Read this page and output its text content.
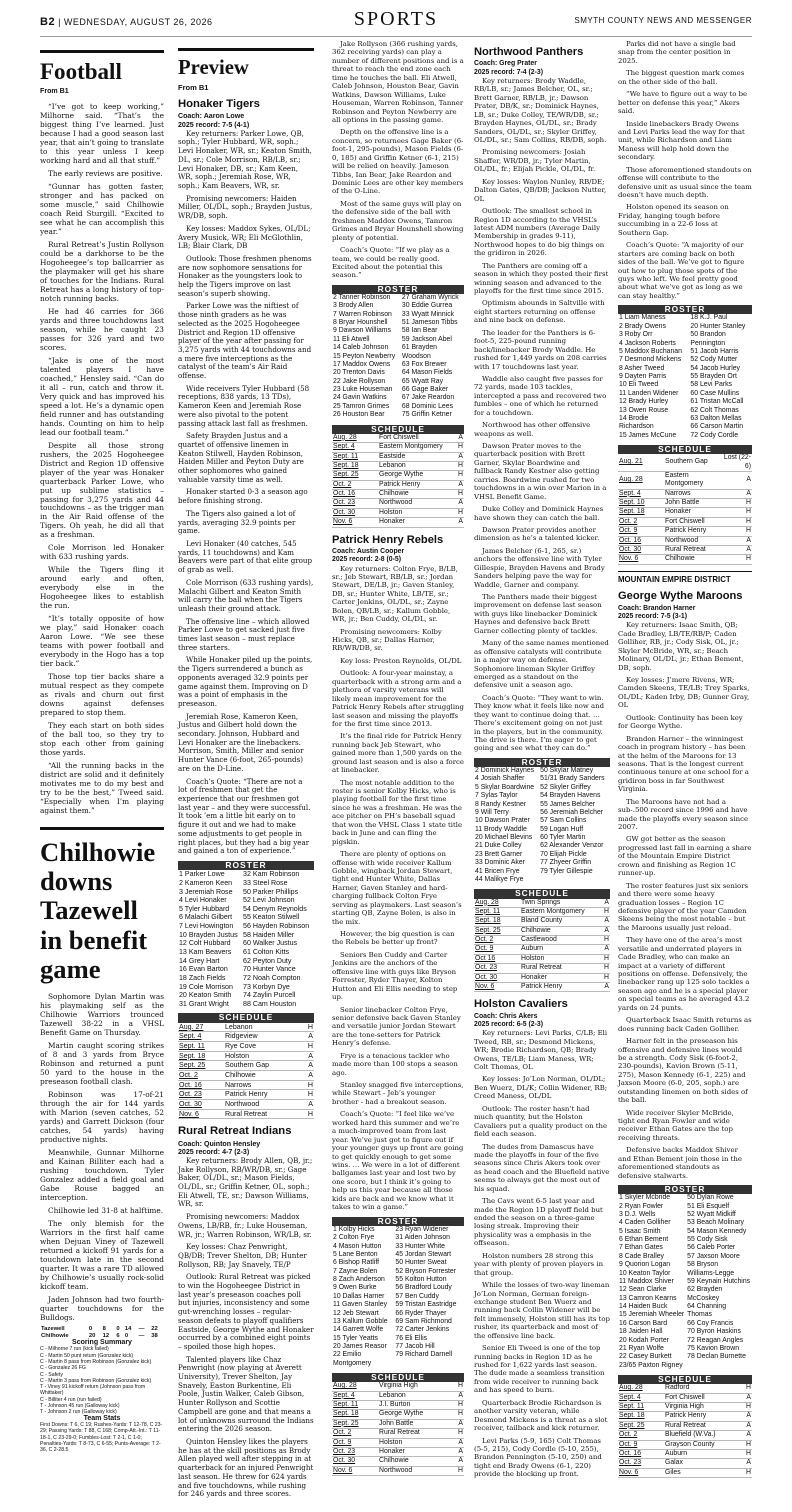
B2 | WEDNESDAY, AUGUST 26, 2026	SPORTS	SMYTH COUNTY NEWS AND MESSENGER
Football
From B1

“I’ve got to keep working,” Milhorne said. “That’s the biggest thing I’ve learned. Just because I had a good season last year, that ain’t going to translate to this year unless I keep working hard and all that stuff.”

The early reviews are positive.

“Gunnar has gotten faster, stronger and has packed on some muscle,” said Chilhowie coach Reid Sturgill. “Excited to see what he can accomplish this year.”

Rural Retreat’s Justin Rollyson could be a darkhorse to be the Hogoheegee’s top ballcarrier as the playmaker will get his share of touches for the Indians. Rural Retreat has a long history of top-notch running backs.

He had 46 carries for 366 yards and three touchdowns last season, while he caught 23 passes for 326 yard and two scores.

“Jake is one of the most talented players I have coached,” Hensley said. “Can do it all – run, catch and throw it. Very quick and has improved his speed a lot. He’s a dynamic open field runner and has outstanding hands. Counting on him to help lead our football team.”

Despite all those strong rushers, the 2025 Hogoheegee District and Region 1D offensive player of the year was Honaker quarterback Parker Lowe, who put up sublime statistics – passing for 3,275 yards and 44 touchdowns – as the trigger man in the Air Raid offense of the Tigers. Oh yeah, he did all that as a freshman.

Cole Morrison led Honaker with 633 rushing yards.

While the Tigers fling it around early and often, everybody else in the Hogoheegee likes to establish the run.

“It’s totally opposite of how we play,” said Honaker coach Aaron Lowe. “We see these teams with power football and everybody in the Hogo has a top tier back.”

Those top tier backs share a mutual respect as they compete as rivals and churn out first downs against defenses prepared to stop them.

They each start on both sides of the ball too, so they try to stop each other from gaining those yards.

“All the running backs in the district are solid and it definitely motivates me to do my best and try to be the best,” Tweed said. “Especially when I’m playing against them.”

Chilhowie downs Tazewell in benefit game

Sophomore Dylan Martin was his playmaking self as the Chilhowie Warriors trounced Tazewell 38-22 in a VHSL Benefit Game on Thursday.

Martin caught scoring strikes of 8 and 3 yards from Bryce Robinson and returned a punt 50 yard to the house in the preseason football clash.

Robinson was 17-of-21 through the air for 144 yards with Marion (seven catches, 52 yards) and Garrett Dickson (four catches, 54 yards) having productive nights.

Meanwhile, Gunnar Milhorne and Kainan Billiter each had a rushing touchdown. Tyler Gonzalez added a field goal and Gabe Rouse bagged an interception.

Chilhowie led 31-8 at halftime.

The only blemish for the Warriors in the first half came when Dejuan Viney of Tazewell returned a kickoff 91 yards for a touchdown late in the second quarter. It was a rare TD allowed by Chilhowie’s usually rock-solid kickoff team.

Jaden Johnson had two fourth-quarter touchdowns for the Bulldogs.

Tazewell	0	8	0	14	—	22
Chilhowie	20	12	6	0	—	38
Scoring Summary
C - Milhorne 7 run (kick failed)
C - Martin 50 punt return (Gonzalez kick)
C - Martin 8 pass from Robinson (Gonzalez kick)
C - Gonzalez 26 FG
C - Safety
C - Martin 3 pass from Robinson (Gonzalez kick)
T - Viney 91 kickoff return (Johnson pass from Whittaker)
C - Billiter 4 run (run failed)
T - Johnson 45 run (Galloway kick)
T - Johnson 2 run (Galloway kick)
Team Stats
First Downs: T 6, C 19; Rushes-Yards: T 12-78, C 23-29; Passing Yards: T 88, C 168; Comp-Att.-Int.: T 11-18-1, C 23-29-0; Fumbles-Lost: T 2-1, C 1-0; Penalties-Yards: T 8-73, C 6-55; Punts-Average: T 2-36, C 2-28.5
Preview
From B1
Honaker Tigers
Coach: Aaron Lowe
2025 record: 7-5 (4-1)

Key returners: Parker Lowe, QB, soph.; Tyler Hubbard, WR, soph.; Levi Honaker, WR, sr.; Keaton Smith, DL, sr.; Cole Morrison, RB/LB, sr.; Levi Honaker, DB, sr.; Kam Keen, WR, soph.; Jeremiah Rose, WR, soph.; Kam Beavers, WR, sr.

Promising newcomers: Haiden Miller, OL/DL, soph.; Brayden Justus, WR/DB, soph.

Key losses: Maddox Sykes, OL/DL; Avery Musick, WR; Eli McGlothlin, LB; Blair Clark, DB

Outlook: Those freshmen phenoms are now sophomore sensations for Honaker as the youngsters look to help the Tigers improve on last season’s superb showing.

Parker Lowe was the niftiest of those ninth graders as he was selected as the 2025 Hogoheegee District and Region 1D offensive player of the year after passing for 3,275 yards with 44 touchdowns and a mere five interceptions as the catalyst of the team’s Air Raid offense.

Wide receivers Tyler Hubbard (58 receptions, 838 yards, 13 TDs), Kameron Keen and Jeremiah Rose were also pivotal to the potent passing attack last fall as freshmen.

Safety Brayden Justus and a quartet of offensive linemen in Keaton Stilwell, Hayden Robinson, Haiden Miller and Peyton Duty are other sophomores who gained valuable varsity time as well.

Honaker started 0-3 a season ago before finishing strong.

The Tigers also gained a lot of yards, averaging 32.9 points per game.

Levi Honaker (40 catches, 545 yards, 11 touchdowns) and Kam Beavers were part of that elite group of grab as well.

Cole Morrison (633 rushing yards), Malachi Gilbert and Keaton Smith will carry the ball when the Tigers unleash their ground attack.

The offensive line – which allowed Parker Lowe to get sacked just five times last season – must replace three starters.

While Honaker piled up the points, the Tigers surrendered a bunch as opponents averaged 32.9 points per game against them. Improving on D was a point of emphasis in the preseason.

Jeremiah Rose, Kameron Keen, Justus and Gilbert hold down the secondary. Johnson, Hubbard and Levi Honaker are the linebackers. Morrison, Smith, Miller and senior Hunter Vance (6-foot, 265-pounds) are on the D-Line.

Coach’s Quote: “There are not a lot of freshmen that get the experience that our freshmen got last year – and they were successful. It took ’em a little bit early on to figure it out and we had to make some adjustments to get people in right places, but they had a big year and gained a ton of experience.”

ROSTER
1 Parker Lowe	32 Kam Robinson
2 Kameron Keen	33 Steel Rose
3 Jeremiah Rose	50 Parker Phillips
4 Levi Honaker	52 Levi Johnson
5 Tyler Hubbard	54 Denym Reynolds
6 Malachi Gilbert	55 Keaton Stilwell
7 Levi Howington	56 Hayden Robinson
10 Brayden Justus	58 Haiden Miller
12 Colt Hubbard	60 Walker Justus
13 Kam Beavers	61 Colton Kitts
14 Grey Hart	62 Peyton Duty
16 Evan Barton	70 Hunter Vance
18 Zach Fields	72 Noah Compton
19 Cole Morrison	73 Korbyn Dye
20 Keaton Smith	74 Zaylin Purcell
31 Grant Wright	88 Cam Houston
SCHEDULE
Aug. 27	Lebanon	H
Sept. 4	Ridgeview	A
Sept. 11	Rye Cove	H
Sept. 18	Holston	A
Sept. 25	Southern Gap	A
Oct. 2	Chilhowie	A
Oct. 16	Narrows	H
Oct. 23	Patrick Henry	H
Oct. 30	Northwood	A
Nov. 6	Rural Retreat	H
Rural Retreat Indians
Coach: Quinton Hensley
2025 record: 4-7 (2-3)

Key returners: Brody Allen, QB, jr.; Jake Rollyson, RB/WR/DB, sr.; Gage Baker, OL/DL, sr.; Mason Fields, OL/DL, sr.; Griffin Ketner, OL, soph.; Eli Atwell, TE, sr.; Dawson Williams, WR, sr.

Promising newcomers: Maddox Owens, LB/RB, fr.; Luke Houseman, WR, jr.; Warren Robinson, WR/LB, sr.

Key losses: Chaz Penwright, QB/DB; Trever Shelton, DB; Hunter Rollyson, RB; Jay Snavely, TE/P

Outlook: Rural Retreat was picked to win the Hogoheegee District in last year’s preseason coaches poll but injuries, inconsistency and some gut-wrenching losses – regular-season defeats to playoff qualifiers Eastside, George Wythe and Honaker occurred by a combined eight points – spoiled those high hopes.

Talented players like Chaz Penwright (now playing at Averett University), Trever Shelton, Jay Snavely, Easton Burkentine, Eli Poole, Justin Walker, Caleb Gibson, Hunter Rollyson and Scottie Campbell are gone and that means a lot of unknowns surround the Indians entering the 2026 season.

Quinton Hensley likes the players he has at the skill positions as Brody Allen played well after stepping in at quarterback for an injured Penwright last season. He threw for 624 yards and five touchdowns, while rushing for 246 yards and three scores.

Jake Rollyson (366 rushing yards, 362 receiving yards) can play a number of different positions and is a threat to reach the end zone each time he touches the ball. Eli Atwell, Caleb Johnson, Houston Bear, Gavin Watkins, Dawson Williams, Luke Houseman, Warren Robinson, Tanner Robinson and Peyton Newberry are all options in the passing game.

Depth on the offensive line is a concern, so returnees Gage Baker (6-foot-1, 295-pounds), Mason Fields (6-0, 185) and Griffin Ketner (6-1, 215) will be relied on heavily. Jameson Tibbs, Ian Bear, Jake Reardon and Dominic Lees are other key members of the O-Line.

Most of the same guys will play on the defensive side of the ball with freshmen Maddox Owens, Tamron Grimes and Bryar Hounshell showing plenty of potential.

Coach’s Quote: “If we play as a team, we could be really good. Excited about the potential this season.”

ROSTER
2 Tanner Robinson	27 Graham Wyrick
3 Brody Allen	30 Eddie Gurrea
7 Warren Robinson	33 Wyatt Minnick
8 Bryar Hounshell	51 Jameson Tibbs
9 Dawson Williams	58 Ian Bear
11 Eli Atwell	59 Jackson Abel
14 Caleb Johnson	61 Brayden
15 Peyton Newberry	Woodson
17 Maddox Owens	63 Fox Brewer
20 Trenton Davis	64 Mason Fields
22 Jake Rollyson	65 Wyatt Ray
23 Luke Houseman	66 Gage Baker
24 Gavin Watkins	67 Jake Reardon
25 Tamron Grimes	68 Dominic Lees
26 Houston Bear	75 Griffin Ketner
SCHEDULE
Aug. 28	Fort Chiswell	A
Sept. 4	Eastern Montgomery	H
Sept. 11	Eastside	A
Sept. 18	Lebanon	H
Sept. 25	George Wythe	H
Oct. 2	Patrick Henry	A
Oct. 16	Chilhowie	H
Oct. 23	Northwood	A
Oct. 30	Holston	H
Nov. 6	Honaker	A
Patrick Henry Rebels
Coach: Austin Cooper
2025 record: 2-8 (0-5)

Key returners: Colton Frye, B/LB, sr.; Jeb Stewart, RB/LB, sr.; Jordan Stewart, DE/LB, jr.; Gaven Stanley, DB, sr.; Hunter White, LB/TE, sr.; Carter Jenkins, OL/DL, sr.; Zayne Bolen, QB/LB, sr.; Kallum Gobble, WR, jr.; Ben Cuddy, OL/DL, sr.

Promising newcomers: Kolby Hicks, QB, sr.; Dallas Harner, RB/WR/DB, sr.

Key loss: Preston Reynolds, OL/DL

Outlook: A four-year mainstay, a quarterback with a strong arm and a plethora of varsity veterans will likely mean improvement for the Patrick Henry Rebels after struggling last season and missing the playoffs for the first time since 2013.

It’s the final ride for Patrick Henry running back Jeb Stewart, who gained more than 1,500 yards on the ground last season and is also a force at linebacker.

The most notable addition to the roster is senior Kolby Hicks, who is playing football for the first time since he was a freshman. He was the ace pitcher on PH’s baseball squad that won the VHSL Class 1 state title back in June and can fling the pigskin.

There are plenty of options on offense with wide receiver Kallum Gobble, wingback Jordan Stewart, tight end Hunter White, Dallas Harner, Gaven Stanley and hard-charging fullback Colton Frye serving as playmakers. Last season’s starting QB, Zayne Bolen, is also in the mix.

However, the big question is can the Rebels be better up front?

Seniors Ben Cuddy and Carter Jenkins are the anchors of the offensive line with guys like Bryson Forrester, Ryder Thayer, Kolton Hutton and Eli Ellis needing to step up.

Senior linebacker Colton Frye, senior defensive back Gaven Stanley and versatile junior Jordan Stewart are the tone-setters for Patrick Henry’s defense.

Frye is a tenacious tackler who made more than 100 stops a season ago.

Stanley snagged five interceptions, while Stewart - Jeb’s younger brother - had a breakout season.

Coach’s Quote: “I feel like we’ve worked hard this summer and we’re a much-improved team from last year. We’ve just got to figure out if your younger guys up front are going to get quickly enough to get some wins. … We were in a lot of different ballgames last year and lost two by one score, but I think it’s going to help us this year because all those kids are back and we know what it takes to win a game.”

ROSTER
1 Kolby Hicks	23 Ryan Widener
2 Colton Frye	31 Aiden Johnson
4 Mason Hutton	33 Hunter White
5 Lane Benton	45 Jordan Stewart
6 Bishop Ratliff	50 Hunter Sweat
7 Zayne Bolen	52 Bryson Forrester
8 Zach Anderson	55 Kolton Hutton
9 Owen Burke	56 Bradford Loudy
10 Dallas Harner	57 Ben Cuddy
11 Gaven Stanley	59 Tristan Eastridge
12 Jeb Stewart	66 Ryder Thayer
13 Kallum Gobble	69 Sam Richmond
14 Garrett Wolfe	72 Carter Jenkins
15 Tyler Yeatts	76 Eli Ellis
20 James Reasor	77 Jacob Hill
22 Emilio	79 Richard Darnell
Montgomery	
SCHEDULE
Aug. 28	Virginia High	H
Sept. 4	Lebanon	A
Sept. 11	J.I. Burton	H
Sept. 18	George Wythe	H
Sept. 25	John Battle	A
Oct. 2	Rural Retreat	H
Oct. 9	Holston	A
Oct. 23	Honaker	A
Oct. 30	Chilhowie	A
Nov. 6	Northwood	H
Northwood Panthers
Coach: Greg Prater
2025 record: 7-4 (2-3)

Key returners: Brody Waddle, RB/LB, sr.; James Belcher, OL, sr.; Brett Garner, RB/LB, jr.; Dawson Prater, DB/K, sr.; Dominick Haynes, LB, sr.; Duke Colley, TE/WR/DB, sr.; Brayden Haynes, OL/DL, sr.; Brady Sanders, OL/DL, sr.; Skyler Griffey, OL/DL, sr.; Sam Collins, RB/DB, soph.

Promising newcomers: Josiah Shaffer, WR/DB, jr.; Tyler Martin, OL/DL, fr.; Elijah Pickle, OL/DL, fr.

Key losses: Waylon Nunley, RB/DE; Dalton Gates, QB/DB; Jackson Nutter, OL

Outlook: The smallest school in Region 1D according to the VHSL’s latest ADM numbers (Average Daily Membership in grades 9-11), Northwood hopes to do big things on the gridiron in 2026.

The Panthers are coming off a season in which they posted their first winning season and advanced to the playoffs for the first time since 2015.

Optimism abounds in Saltville with eight starters returning on offense and nine back on defense.

The leader for the Panthers is 6-foot-5, 225-pound running back/linebacker Brody Waddle. He rushed for 1,449 yards on 208 carries with 17 touchdowns last year.

Waddle also caught five passes for 72 yards, made 103 tackles, intercepted a pass and recovered two fumbles – one of which he returned for a touchdown.

Northwood has other offensive weapons as well.

Dawson Prater moves to the quarterback position with Brett Garner, Skylar Boardwine and fullback Randy Kestner also getting carries. Boardwine rushed for two touchdowns in a win over Marion in a VHSL Benefit Game.

Duke Colley and Dominick Haynes have shown they can catch the ball.

Dawson Prater provides another dimension as he’s a talented kicker.

James Belcher (6-1, 265, sr.) anchors the offensive line with Tyler Gillespie, Brayden Havens and Brady Sanders helping pave the way for Waddle, Garner and company.

The Panthers made their biggest improvement on defense last season with guys like linebacker Dominick Haynes and defensive back Brett Garner collecting plenty of tackles.

Many of the same names mentioned as offensive catalysts will contribute in a major way on defense. Sophomore lineman Skyler Griffey emerged as a standout on the defensive unit a season ago.

Coach’s Quote: “They want to win. They know what it feels like now and they want to continue doing that. … There’s excitement going on not just in the players, but in the community. The drive is there. I’m eager to get going and see what they can do.”

ROSTER
2 Dominick Haynes	50 Skylar Matney
4 Josiah Shaffer	51/31 Brady Sanders
5 Skylar Boardwine	52 Skyler Griffey
7 Sylas Taylor	54 Brayden Havens
8 Randy Kestner	55 James Belcher
9 Will Terry	56 Jeremiah Belcher
10 Dawson Prater	57 Sam Collins
11 Brody Waddle	59 Logan Huff
20 Michael Blevins	60 Tyler Martin
21 Duke Colley	62 Alexander Venzor
23 Brett Garner	70 Elijah Pickle
33 Dominic Aker	77 Zhyeer Griffin
41 Bricen Frye	79 Tyler Gillespie
44 Malikye Frye	
SCHEDULE
Aug. 28	Twin Springs	A
Sept. 11	Eastern Montgomery	H
Sept. 18	Bland County	A
Sept. 25	Chilhowie	A
Oct. 2	Castlewood	H
Oct. 9	Auburn	A
Oct 16	Holston	H
Oct. 23	Rural Retreat	H
Oct. 30	Honaker	H
Nov. 6	Patrick Henry	A
Holston Cavaliers
Coach: Chris Akers
2025 record: 6-5 (2-3)

Key returners: Levi Parks, C/LB; Eli Tweed, RB, sr.; Desmond Mickens, WR; Brodie Richardson, QB; Brady Owens, TE/LB; Liam Maness, WR; Colt Thomas, OL

Key losses: Jo’Lon Norman, OL/DL; Ben Wuerz, DL/K; Collin Widener, RB; Creed Maness, OL/DL

Outlook: The roster hasn’t had much quantity, but the Holston Cavaliers put a quality product on the field each season.

The dudes from Damascus have made the playoffs in four of the five seasons since Chris Akers took over as head coach and the Bluefield native seems to always get the most out of his squad.

The Cavs went 6-5 last year and made the Region 1D playoff field but ended the season on a three-game losing streak. Improving their physicality was a emphasis in the offseason.

Holston numbers 28 strong this year with plenty of proven players in that group.

While the losses of two-way lineman Jo’Lon Norman, German foreign-exchange student Ben Wuerz and running back Collin Widener will be felt immensely, Holston still has its top rusher, its quarterback and most of the offensive line back.

Senior Eli Tweed is one of the top running backs in Region 1D as he rushed for 1,622 yards last season. The dude made a seamless transition from wide receiver to running back and has speed to burn.

Quarterback Brodie Richardson is another varsity veteran, while Desmond Mickens is a threat as a slot receiver, tailback and kick returner.

Levi Parks (5-9, 165) Colt Thomas (5-5, 215), Cody Cordle (5-10, 255), Brandon Pennington (5-10, 250) and tight end Brady Owens (6-1, 220) provide the blocking up front.

Parks did not have a single bad snap from the center position in 2025.

The biggest question mark comes on the other side of the ball.

“We have to figure out a way to be better on defense this year,” Akers said.

Inside linebackers Brady Owens and Levi Parks lead the way for that unit, while Richardson and Liam Maness will help hold down the secondary.

Those aforementioned standouts on offense will contribute to the defensive unit as usual since the team doesn’t have much depth.

Holston opened its season on Friday, hanging tough before succumbing in a 22-6 loss at Southern Gap.

Coach’s Quote: “A majority of our starters are coming back on both sides of the ball. We’ve got to figure out how to plug those spots of the guys who left. We feel pretty good about what we’ve got as long as we can stay healthy.”

ROSTER
1 Liam Maness	18 K.J. Paul
2 Brady Owens	20 Hunter Stanley
3 Roby Orr	50 Brandon
4 Jackson Roberts	Pennington
5 Maddox Buchanan	51 Jacob Harris
7 Desmond Mickens	52 Cody Mutter
8 Asher Tweed	54 Jacob Hurley
9 Dayten Parris	55 Brayden Ort
10 Eli Tweed	58 Levi Parks
11 Landen Widener	60 Case Mullins
12 Brady Hurley	61 Tristan McCall
13 Owen Rouse	62 Colt Thomas
14 Brodie	63 Dalton Mellas
Richardson	66 Carson Martin
15 James McCune	72 Cody Cordle
SCHEDULE
Aug. 21	Southern Gap	Lost (22-6)
Aug. 28	Eastern Montgomery	A
Sept. 4	Narrows	A
Sept. 10	John Battle	H
Sept. 18	Honaker	H
Oct. 2	Fort Chiswell	H
Oct. 9	Patrick Henry	H
Oct. 16	Northwood	A
Oct. 30	Rural Retreat	A
Nov. 6	Chilhowie	H
MOUNTAIN EMPIRE DISTRICT
George Wythe Maroons
Coach: Brandon Harner
2025 record: 7-5 (3-1)

Key returners: Isaac Smith, QB; Cade Bradley, LB/TE/RB/P; Caden Golliher, RB, jr.; Cody Sisk, OL, jr.; Skyler McBride, WR, sr.; Beach Molinary, OL/DL, jr.; Ethan Bement, DB, soph.

Key losses: J’mere Rivens, WR; Camden Skeens, TE/LB; Trey Sparks, OL/DL; Kaden Irby, DB; Gunner Gray, OL

Outlook: Continuity has been key for George Wythe.

Brandon Harner – the winningest coach in program history – has been at the helm of the Maroons for 13 seasons. That is the longest current continuous tenure at one school for a gridiron boss in far Southwest Virginia.

The Maroons have not had a sub-.500 record since 1996 and have made the playoffs every season since 2007.

GW got better as the season progressed last fall in earning a share of the Mountain Empire District crown and finishing as Region 1C runner-up.

The roster features just six seniors and there were some heavy graduation losses – Region 1C defensive player of the year Camden Skeens being the most notable – but the Maroons usually just reload.

They have one of the area’s most versatile and underrated players in Cade Bradley, who can make an impact at a variety of different positions on offense. Defensively, the linebacker rang up 125 solo tackles a season ago and he is a special player on special teams as he averaged 43.2 yards on 24 punts.

Quarterback Isaac Smith returns as does running back Caden Golliher.

Harner felt in the preseason his offensive and defensive lines would be a strength. Cody Sisk (6-foot-2, 230-pounds), Kavion Brown (5-11, 275), Mason Kennedy (6-1, 225) and Jaxson Moore (6-0, 205, soph.) are outstanding linemen on both sides of the ball.

Wide receiver Skyler McBride, tight end Ryan Fowler and wide receiver Ethan Gates are the top receiving threats.

Defensive backs Maddox Shiver and Ethan Bement join those in the aforementioned standouts as defensive stalwarts.

ROSTER
1 Skyler Mcbride	50 Dylan Rowe
2 Ryan Fowler	51 Eli Esquelf
3 D.J. Wells	52 Wyatt Midkiff
4 Caden Golliher	53 Beach Molinary
5 Isaac Smith	54 Mason Kennedy
6 Ethan Bement	55 Cody Sisk
7 Ethan Gates	56 Caleb Porter
8 Cade Bralley	57 Jaxson Moore
9 Quorion Logan	58 Bryson
10 Keaton Taylor	Williams-Legge
11 Maddox Shiver	59 Keynain Hutchins
12 Sean Clarke	62 Brayden
13 Camron Kearns	McCoskey
14 Haiden Buck	64 Channing
15 Jeremiah Wheeler	Thomas
16 Carson Bard	66 Coy Francis
18 Jaiden Hall	70 Byron Haskins
20 Kodah Porter	72 Reagan Angles
21 Ryan Wolfe	75 Kavion Brown
22 Casey Burkett	78 Declan Burnette
23/65 Paxton Rigney	
SCHEDULE
Aug. 28	Radford	H
Sept. 4	Fort Chiswell	A
Sept. 11	Virginia High	H
Sept. 18	Patrick Henry	A
Sept. 25	Rural Retreat	A
Oct. 2	Bluefield (W.Va.)	A
Oct. 9	Grayson County	H
Oct. 16	Auburn	H
Oct. 23	Galax	A
Nov. 6	Giles	H
